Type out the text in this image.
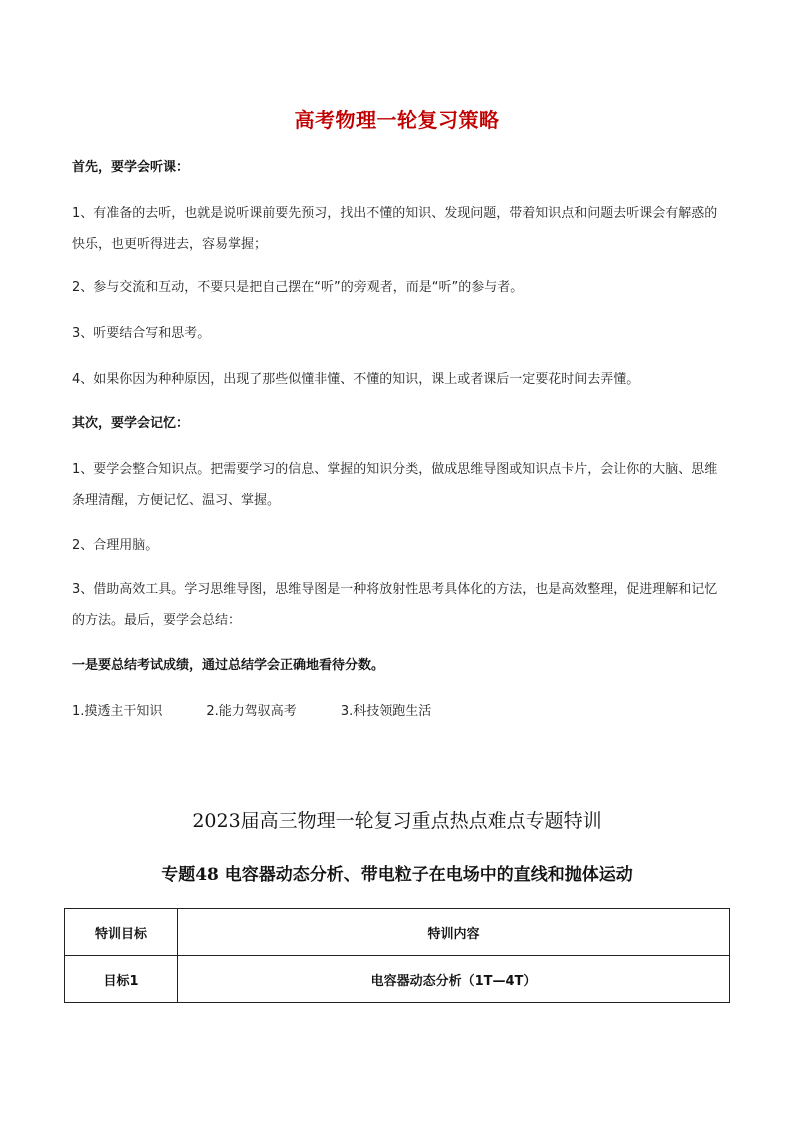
高考物理一轮复习策略
首先，要学会听课：
1、有准备的去听，也就是说听课前要先预习，找出不懂的知识、发现问题，带着知识点和问题去听课会有解惑的快乐，也更听得进去，容易掌握；
2、参与交流和互动，不要只是把自己摆在“听”的旁观者，而是“听”的参与者。
3、听要结合写和思考。
4、如果你因为种种原因，出现了那些似懂非懂、不懂的知识，课上或者课后一定要花时间去弄懂。
其次，要学会记忆：
1、要学会整合知识点。把需要学习的信息、掌握的知识分类，做成思维导图或知识点卡片，会让你的大脑、思维条理清醒，方便记忆、温习、掌握。
2、合理用脑。
3、借助高效工具。学习思维导图，思维导图是一种将放射性思考具体化的方法，也是高效整理，促进理解和记忆的方法。最后，要学会总结：
一是要总结考试成绩，通过总结学会正确地看待分数。
1.摸透主干知识	2.能力驾驭高考	3.科技领跑生活
2023届高三物理一轮复习重点热点难点专题特训
专题48 电容器动态分析、带电粒子在电场中的直线和抛体运动
特训目标	特训内容
目标1	电容器动态分析（1T—4T）
